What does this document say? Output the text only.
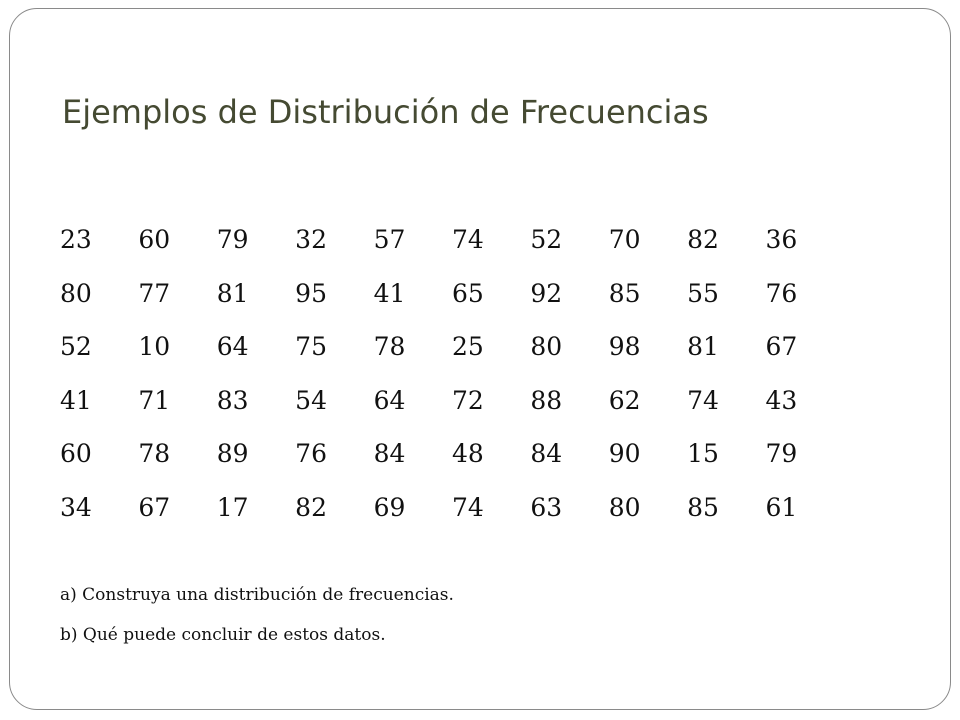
Ejemplos de Distribución de Frecuencias
23	60	79	32	57	74	52	70	82	36
80	77	81	95	41	65	92	85	55	76
52	10	64	75	78	25	80	98	81	67
41	71	83	54	64	72	88	62	74	43
60	78	89	76	84	48	84	90	15	79
34	67	17	82	69	74	63	80	85	61

a) Construya una distribución de frecuencias.

b) Qué puede concluir de estos datos.
